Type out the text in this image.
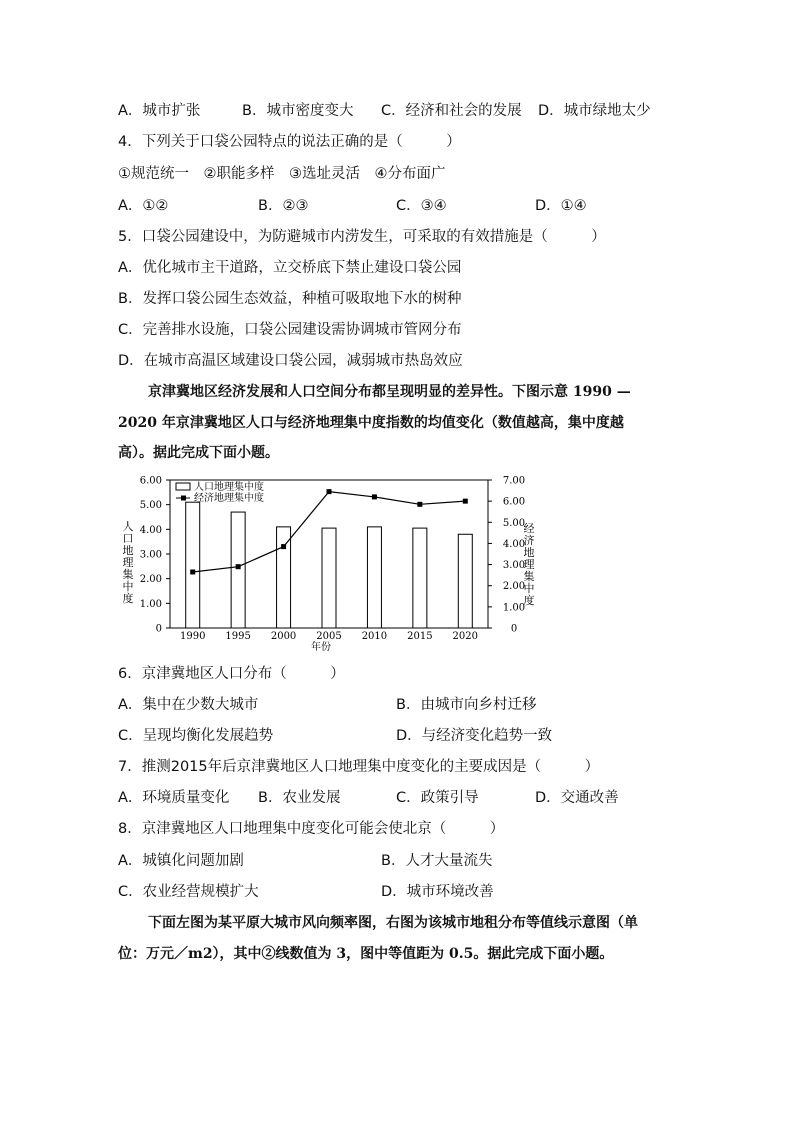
A．城市扩张	B．城市密度变大 C．经济和社会的发展 D．城市绿地太少
4．下列关于口袋公园特点的说法正确的是（　　　）
①规范统一　②职能多样　③选址灵活　④分布面广
A．①②	B．②③	C．③④	D．①④
5．口袋公园建设中，为防避城市内涝发生，可采取的有效措施是（　　　）
A．优化城市主干道路，立交桥底下禁止建设口袋公园
B．发挥口袋公园生态效益，种植可吸取地下水的树种
C．完善排水设施，口袋公园建设需协调城市管网分布
D．在城市高温区域建设口袋公园，减弱城市热岛效应
京津冀地区经济发展和人口空间分布都呈现明显的差异性。下图示意 1990 —
2020 年京津冀地区人口与经济地理集中度指数的均值变化（数值越高，集中度越
高）。据此完成下面小题。
0
1.00
2.00
3.00
4.00
5.00
6.00
0
1.00
2.00
3.00
4.00
5.00
6.00
7.00
人
口
地
理
集
中
度
经
济
地
理
集
中
度
1990 1995 2000 2005 2010 2015 2020
年份
人口地理集中度
经济地理集中度
6．京津冀地区人口分布（　　　）
A．集中在少数大城市	B．由城市向乡村迁移
C．呈现均衡化发展趋势	D．与经济变化趋势一致
7．推测2015年后京津冀地区人口地理集中度变化的主要成因是（　　　）
A．环境质量变化 B．农业发展	C．政策引导	D．交通改善
8．京津冀地区人口地理集中度变化可能会使北京（　　　）
A．城镇化问题加剧	B．人才大量流失
C．农业经营规模扩大	D．城市环境改善
下面左图为某平原大城市风向频率图，右图为该城市地租分布等值线示意图（单
位：万元／m2），其中②线数值为 3，图中等值距为 0.5。据此完成下面小题。
